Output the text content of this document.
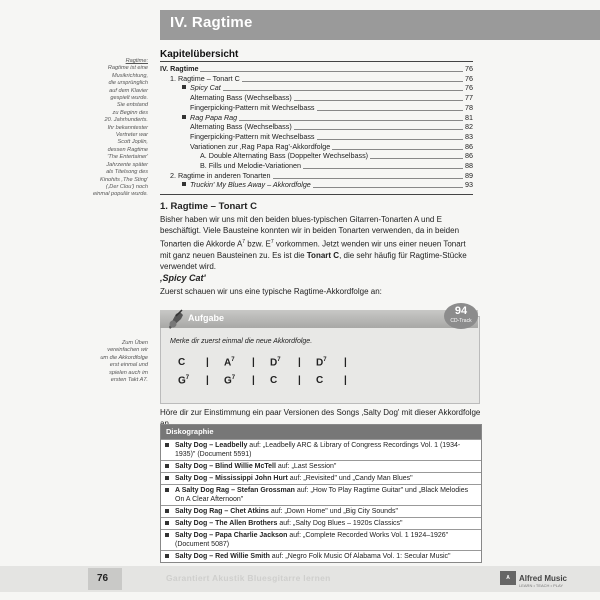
IV. Ragtime
Ragtime:
Ragtime ist eine
Musikrichtung,
die ursprünglich
auf dem Klavier
gespielt wurde.
Sie entstand
zu Beginn des
20. Jahrhunderts.
Ihr bekanntester
Vertreter war
Scott Joplin,
dessen Ragtime
'The Entertainer'
Jahrzente später
als Titelsong des
Kinohits ,The Sting'
(,Der Clou') noch
einmal populär wurde.
Zum Üben
vereinfachen wir
um die Akkordfolge
erst einmal und
spielen auch im
ersten Takt A7.
Kapitelübersicht
IV. Ragtime	76
1. Ragtime – Tonart C	76
Spicy Cat	76
Alternating Bass (Wechselbass)	77
Fingerpicking-Pattern mit Wechselbass	78
Rag Papa Rag	81
Alternating Bass (Wechselbass)	82
Fingerpicking-Pattern mit Wechselbass	83
Variationen zur ‚Rag Papa Rag'-Akkordfolge	86
A. Double Alternating Bass (Doppelter Wechselbass)	86
B. Fills und Melodie-Variationen	88
2. Ragtime in anderen Tonarten	89
Truckin' My Blues Away – Akkordfolge	93
1. Ragtime – Tonart C
Bisher haben wir uns mit den beiden blues-typischen Gitarren-Tonarten A und E beschäftigt. Viele Bausteine konnten wir in beiden Tonarten verwenden, da in beiden Tonarten die Akkorde $A^7$ bzw. $E^7$ vorkommen. Jetzt wenden wir uns einer neuen Tonart mit ganz neuen Bausteinen zu. Es ist die Tonart C, die sehr häufig für Ragtime-Stücke verwendet wird.
‚Spicy Cat'
Zuerst schauen wir uns eine typische Ragtime-Akkordfolge an:
Aufgabe
94
CD-Track
Merke dir zuerst einmal die neue Akkordfolge.
C	|	$A^7$	|	$D^7$	|	$D^7$	|
$G^7$	|	$G^7$	|	C	|	C	|
Höre dir zur Einstimmung ein paar Versionen des Songs ‚Salty Dog' mit dieser Akkordfolge
Diskographie
Salty Dog – Leadbelly auf: „Leadbelly ARC & Library of Congress Recordings Vol. 1 (1934-1935)" (Document 5591)
Salty Dog – Blind Willie McTell auf: „Last Session"
Salty Dog – Mississippi John Hurt auf: „Revisited" und „Candy Man Blues"
A Salty Dog Rag – Stefan Grossman auf: „How To Play Ragtime Guitar" und „Black Melodies On A Clear Afternoon"
Salty Dog Rag – Chet Atkins auf: „Down Home" und „Big City Sounds"
Salty Dog – The Allen Brothers auf: „Salty Dog Blues – 1920s Classics"
Salty Dog – Papa Charlie Jackson auf: „Complete Recorded Works Vol. 1 1924–1926" (Document 5087)
Salty Dog – Red Willie Smith auf: „Negro Folk Music Of Alabama Vol. 1: Secular Music"
76	Garantiert Akustik Bluesgitarre lernen	A	Alfred Music
LEARN • TEACH • PLAY
